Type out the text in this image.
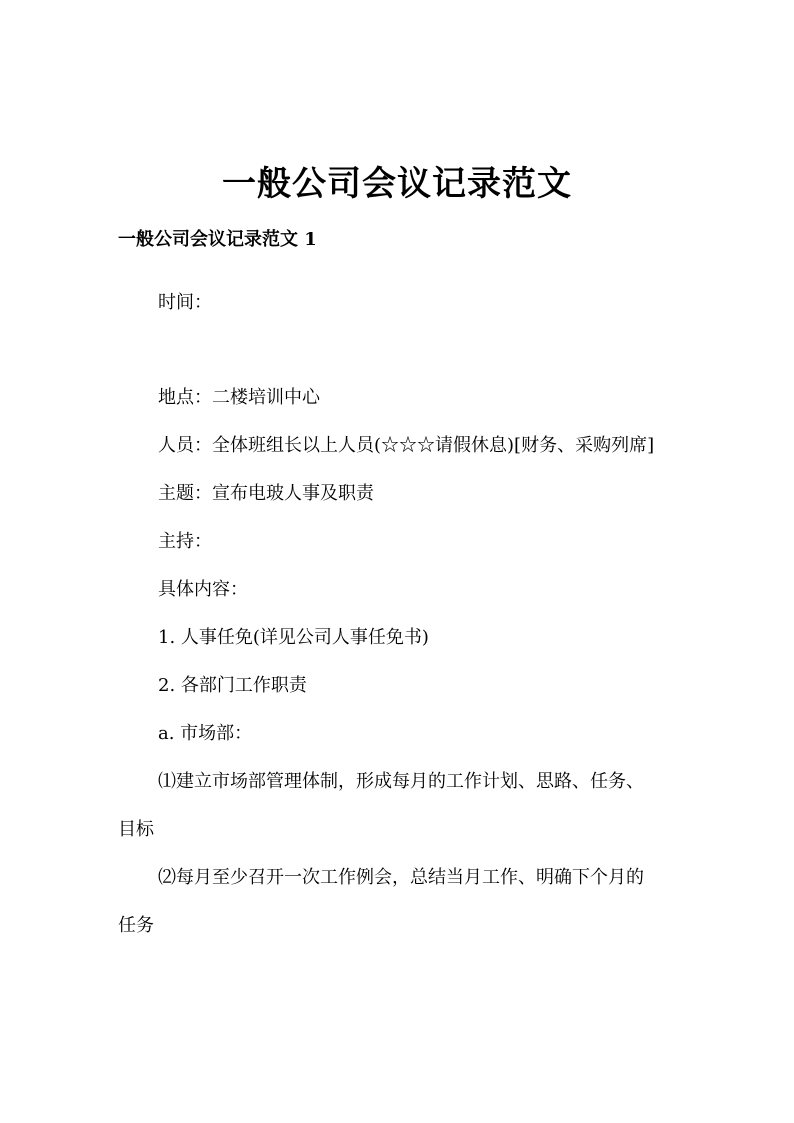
一般公司会议记录范文
一般公司会议记录范文 1
时间：
地点：二楼培训中心
人员：全体班组长以上人员(☆☆☆请假休息)[财务、采购列席]
主题：宣布电玻人事及职责
主持：
具体内容：
1. 人事任免(详见公司人事任免书)
2. 各部门工作职责
a. 市场部：
⑴建立市场部管理体制，形成每月的工作计划、思路、任务、
目标
⑵每月至少召开一次工作例会，总结当月工作、明确下个月的
任务
